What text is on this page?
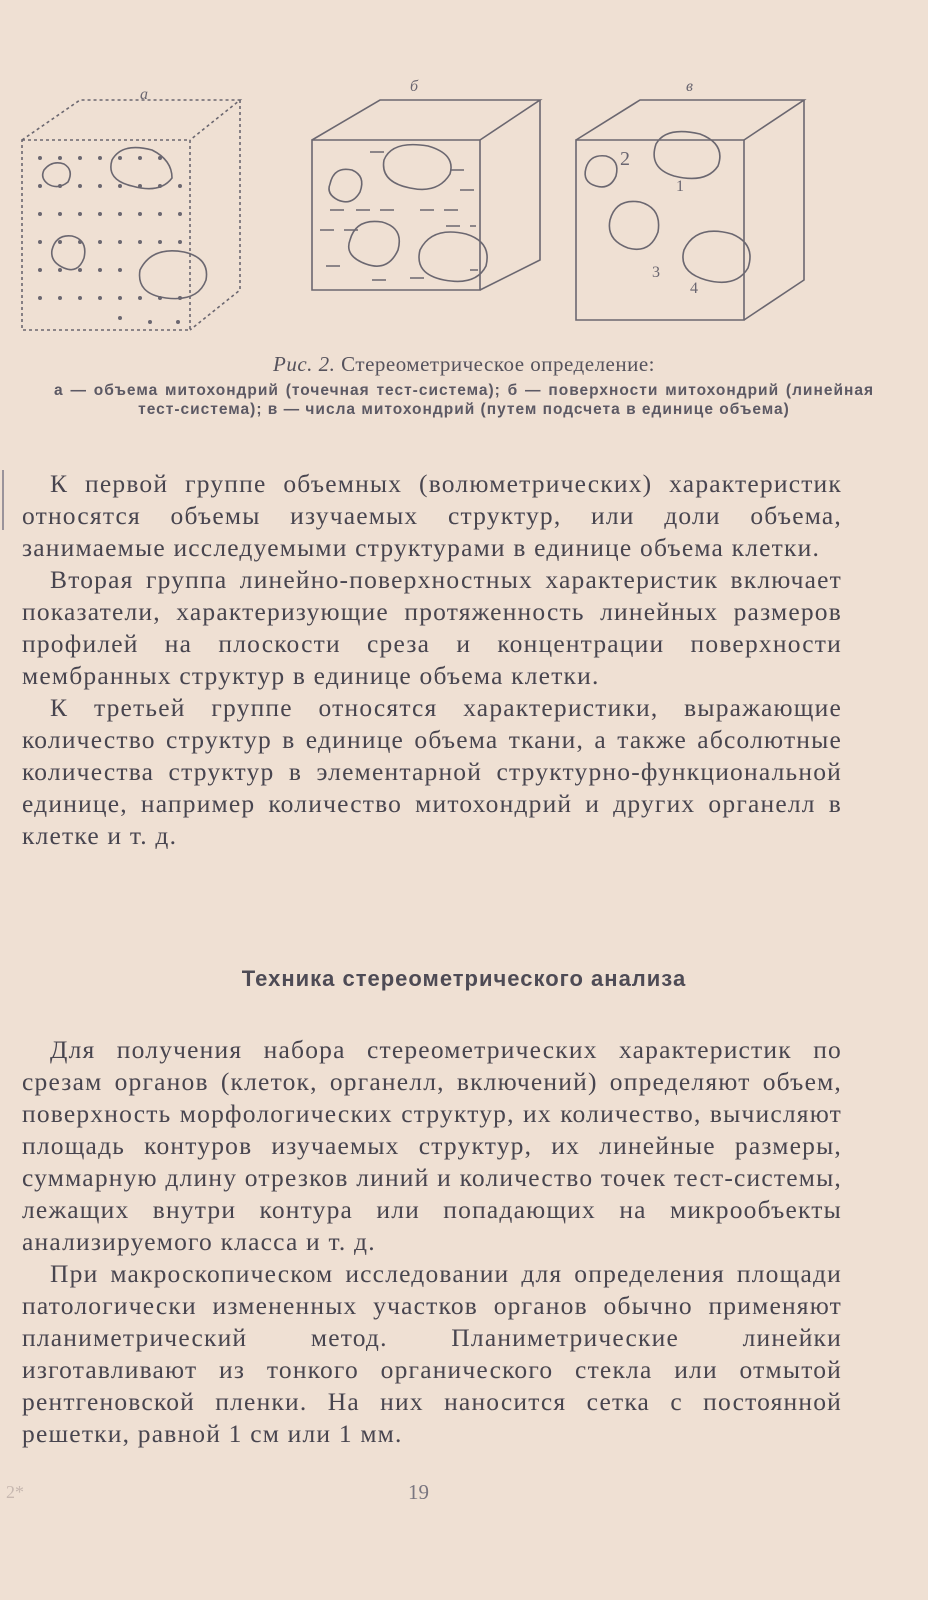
а	б	в
2
1
3
4
Рис. 2. Стереометрическое определение:
а — объема митохондрий (точечная тест-система); б — поверхности митохондрий (линейная тест-система); в — числа митохондрий (путем подсчета в единице объема)

К первой группе объемных (волюметрических) характеристик относятся объемы изучаемых структур, или доли объема, занимаемые исследуемыми структурами в единице объема клетки.

Вторая группа линейно-поверхностных характеристик включает показатели, характеризующие протяженность линейных размеров профилей на плоскости среза и концентрации поверхности мембранных структур в единице объема клетки.

К третьей группе относятся характеристики, выражающие количество структур в единице объема ткани, а также абсолютные количества структур в элементарной структурно-функциональной единице, например количество митохондрий и других органелл в клетке и т. д.

Техника стереометрического анализа

Для получения набора стереометрических характеристик по срезам органов (клеток, органелл, включений) определяют объем, поверхность морфологических структур, их количество, вычисляют площадь контуров изучаемых структур, их линейные размеры, суммарную длину отрезков линий и количество точек тест-системы, лежащих внутри контура или попадающих на микрообъекты анализируемого класса и т. д.

При макроскопическом исследовании для определения площади патологически измененных участков органов обычно применяют планиметрический метод. Планиметрические линейки изготавливают из тонкого органического стекла или отмытой рентгеновской пленки. На них наносится сетка с постоянной решетки, равной 1 см или 1 мм.

2*	19
